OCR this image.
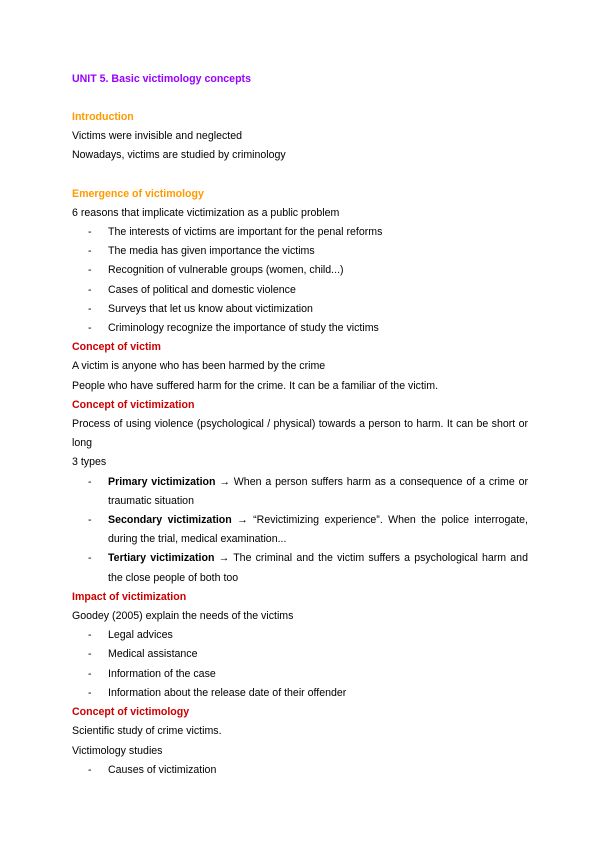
UNIT 5. Basic victimology concepts
Introduction

Victims were invisible and neglected

Nowadays, victims are studied by criminology

Emergence of victimology

6 reasons that implicate victimization as a public problem

- The interests of victims are important for the penal reforms
- The media has given importance the victims
- Recognition of vulnerable groups (women, child...)
- Cases of political and domestic violence
- Surveys that let us know about victimization
- Criminology recognize the importance of study the victims
Concept of victim

A victim is anyone who has been harmed by the crime

People who have suffered harm for the crime. It can be a familiar of the victim.

Concept of victimization

Process of using violence (psychological / physical) towards a person to harm. It can be short or long

3 types

- Primary victimization → When a person suffers harm as a consequence of a crime or traumatic situation
- Secondary victimization → “Revictimizing experience”. When the police interrogate, during the trial, medical examination...
- Tertiary victimization → The criminal and the victim suffers a psychological harm and the close people of both too
Impact of victimization

Goodey (2005) explain the needs of the victims

- Legal advices
- Medical assistance
- Information of the case
- Information about the release date of their offender
Concept of victimology

Scientific study of crime victims.

Victimology studies

- Causes of victimization
